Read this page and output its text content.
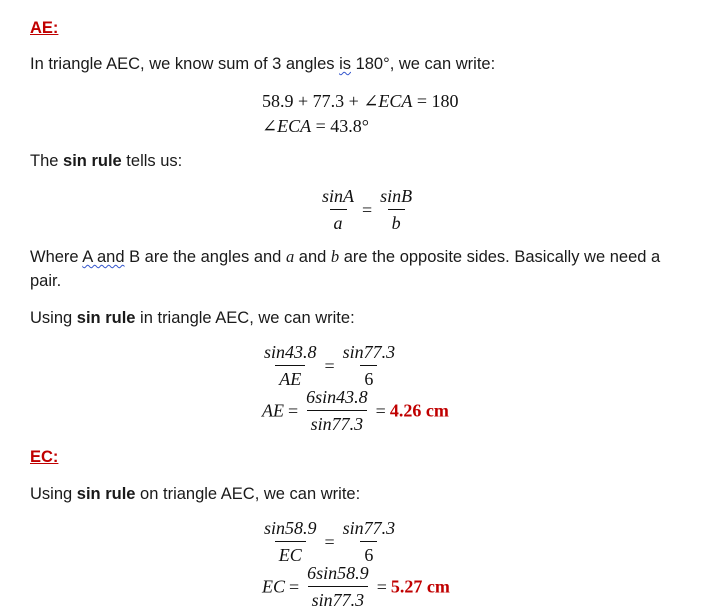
AE:
In triangle AEC, we know sum of 3 angles is 180°, we can write:
58.9 + 77.3 + ∠ECA = 180
∠ECA = 43.8°
The sin rule tells us:
$\frac{\sin A}{a} = \frac{\sin B}{b}$
Where A and B are the angles and a and b are the opposite sides. Basically we need a
pair.
Using sin rule in triangle AEC, we can write:
$\frac{\sin 43.8}{AE} = \frac{\sin 77.3}{6}$
AE = $\frac{6\sin 43.8}{\sin 77.3} = 4.26$ cm
EC:
Using sin rule on triangle AEC, we can write:
$\frac{\sin 58.9}{EC} = \frac{\sin 77.3}{6}$
EC = $\frac{6\sin 58.9}{\sin 77.3} = 5.27$ cm
